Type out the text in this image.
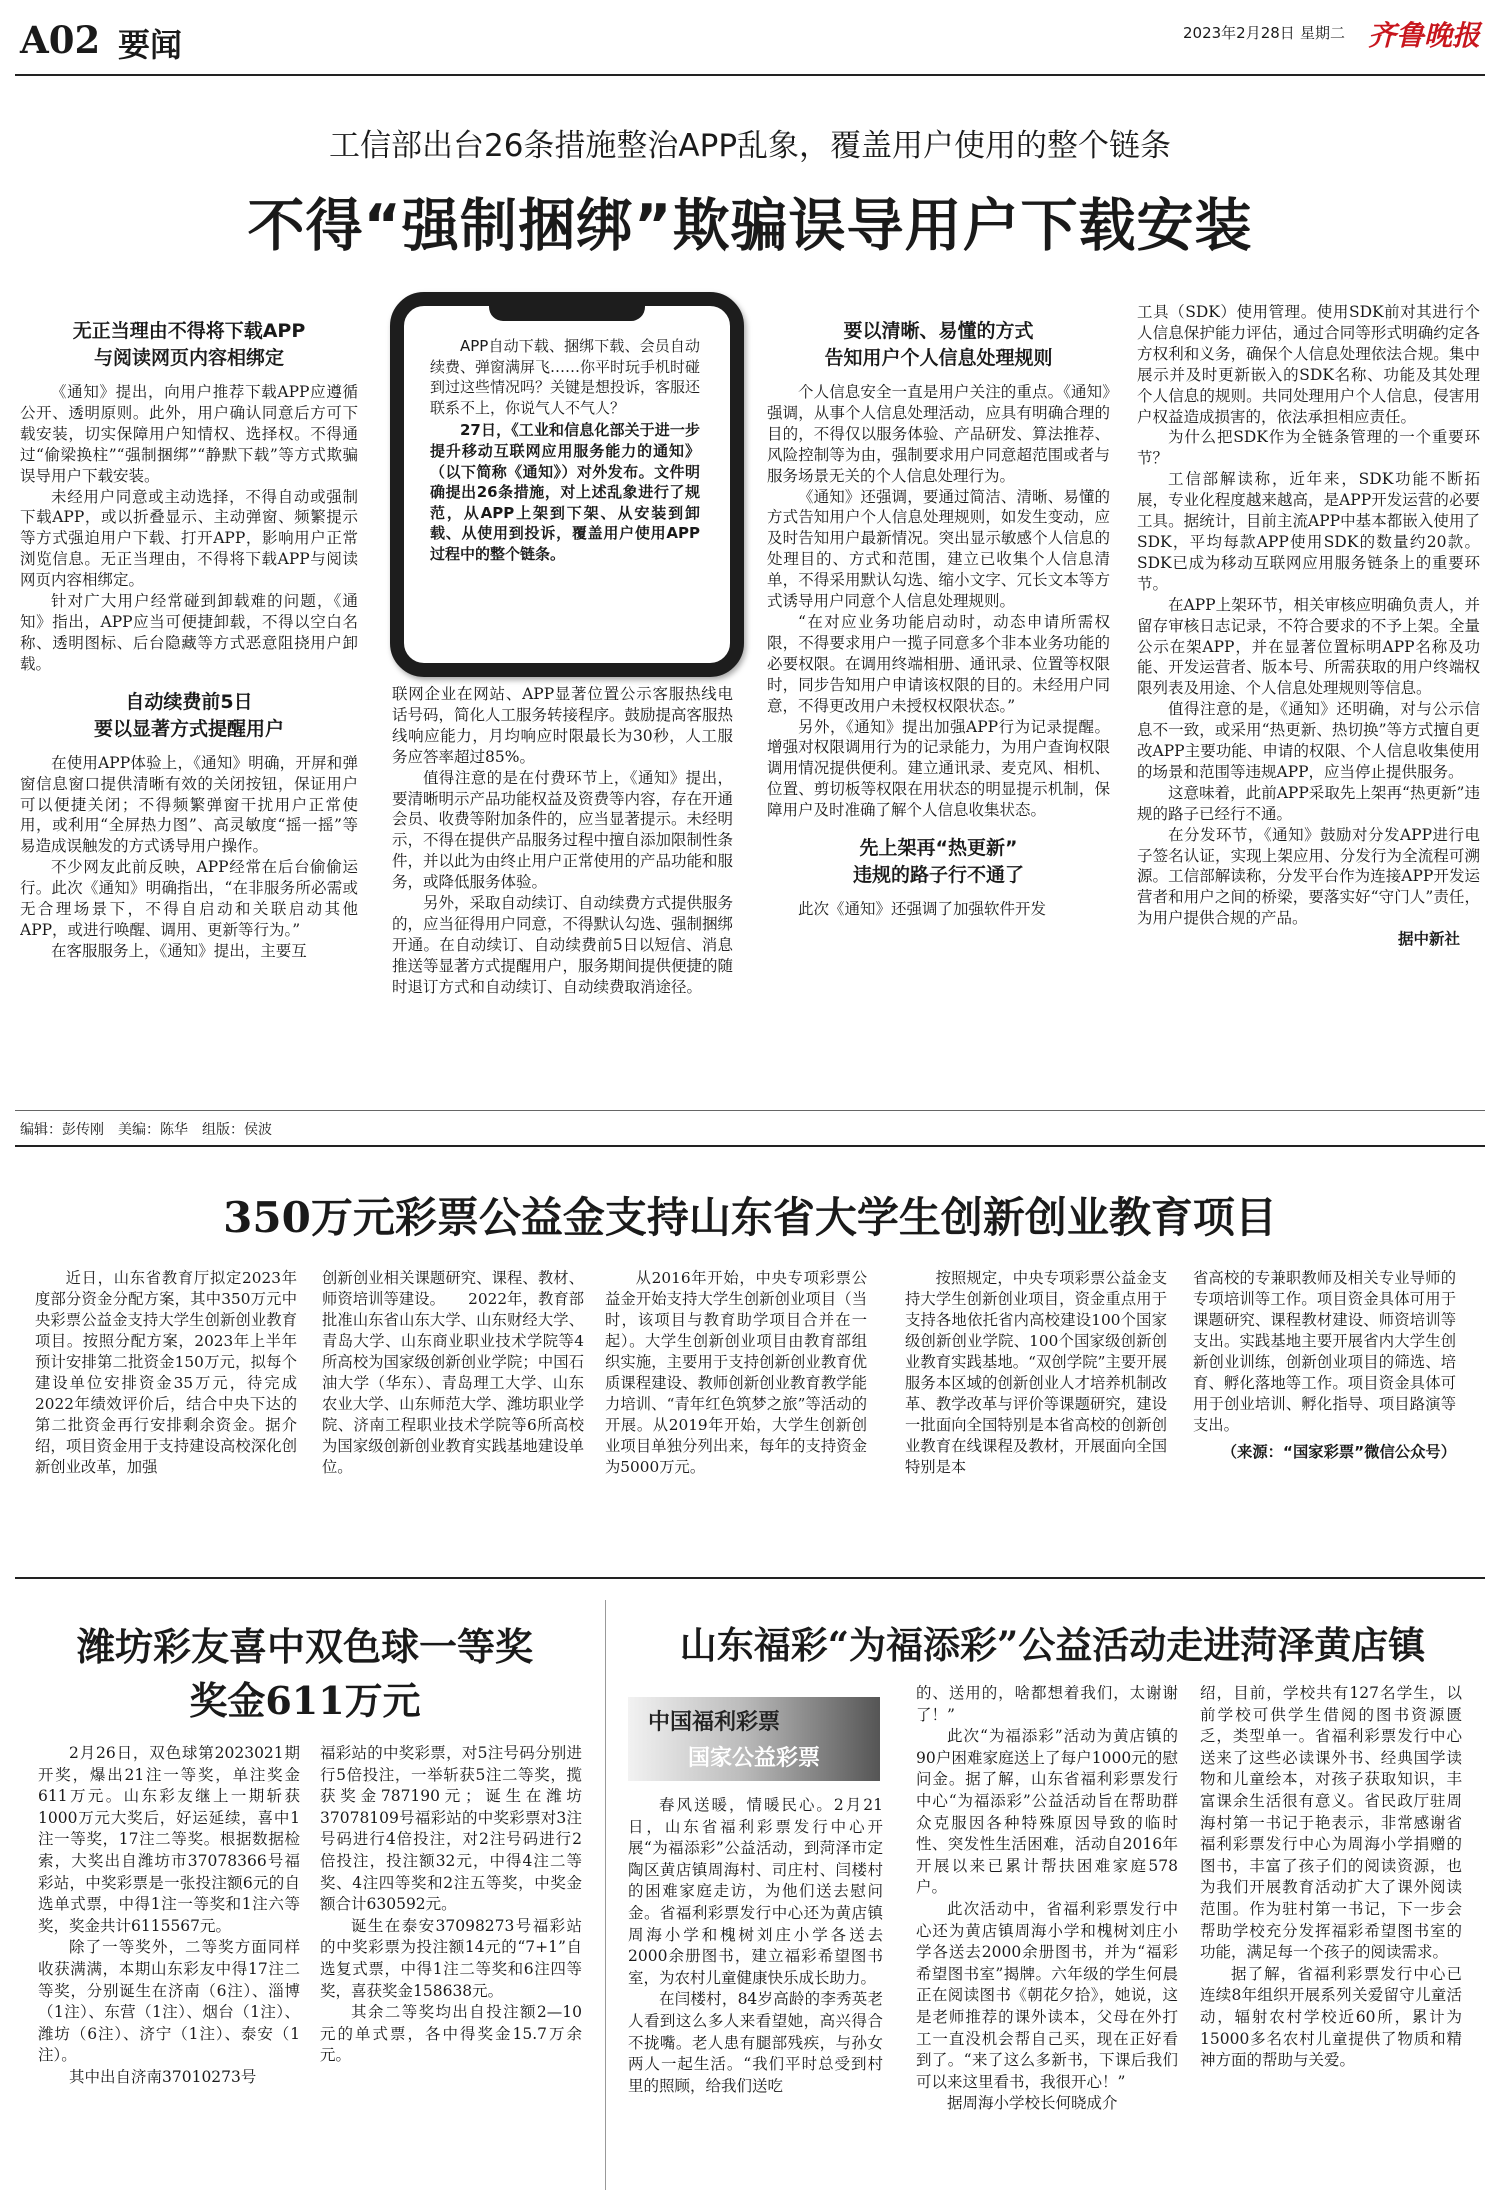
A02 要闻	2023年2月28日 星期二 齐鲁晚报
工信部出台26条措施整治APP乱象，覆盖用户使用的整个链条
不得“强制捆绑”欺骗误导用户下载安装
无正当理由不得将下载APP
与阅读网页内容相绑定

《通知》提出，向用户推荐下载APP应遵循公开、透明原则。此外，用户确认同意后方可下载安装，切实保障用户知情权、选择权。不得通过“偷梁换柱”“强制捆绑”“静默下载”等方式欺骗误导用户下载安装。

未经用户同意或主动选择，不得自动或强制下载APP，或以折叠显示、主动弹窗、频繁提示等方式强迫用户下载、打开APP，影响用户正常浏览信息。无正当理由，不得将下载APP与阅读网页内容相绑定。

针对广大用户经常碰到卸载难的问题，《通知》指出，APP应当可便捷卸载，不得以空白名称、透明图标、后台隐藏等方式恶意阻挠用户卸载。

自动续费前5日
要以显著方式提醒用户

在使用APP体验上，《通知》明确，开屏和弹窗信息窗口提供清晰有效的关闭按钮，保证用户可以便捷关闭；不得频繁弹窗干扰用户正常使用，或利用“全屏热力图”、高灵敏度“摇一摇”等易造成误触发的方式诱导用户操作。

不少网友此前反映，APP经常在后台偷偷运行。此次《通知》明确指出，“在非服务所必需或无合理场景下，不得自启动和关联启动其他APP，或进行唤醒、调用、更新等行为。”

在客服服务上，《通知》提出，主要互

APP自动下载、捆绑下载、会员自动续费、弹窗满屏飞……你平时玩手机时碰到过这些情况吗？关键是想投诉，客服还联系不上，你说气人不气人？

27日，《工业和信息化部关于进一步提升移动互联网应用服务能力的通知》（以下简称《通知》）对外发布。文件明确提出26条措施，对上述乱象进行了规范，从APP上架到下架、从安装到卸载、从使用到投诉，覆盖用户使用APP过程中的整个链条。

联网企业在网站、APP显著位置公示客服热线电话号码，简化人工服务转接程序。鼓励提高客服热线响应能力，月均响应时限最长为30秒，人工服务应答率超过85%。

值得注意的是在付费环节上，《通知》提出，要清晰明示产品功能权益及资费等内容，存在开通会员、收费等附加条件的，应当显著提示。未经明示，不得在提供产品服务过程中擅自添加限制性条件，并以此为由终止用户正常使用的产品功能和服务，或降低服务体验。

另外，采取自动续订、自动续费方式提供服务的，应当征得用户同意，不得默认勾选、强制捆绑开通。在自动续订、自动续费前5日以短信、消息推送等显著方式提醒用户，服务期间提供便捷的随时退订方式和自动续订、自动续费取消途径。

要以清晰、易懂的方式
告知用户个人信息处理规则

个人信息安全一直是用户关注的重点。《通知》强调，从事个人信息处理活动，应具有明确合理的目的，不得仅以服务体验、产品研发、算法推荐、风险控制等为由，强制要求用户同意超范围或者与服务场景无关的个人信息处理行为。

《通知》还强调，要通过简洁、清晰、易懂的方式告知用户个人信息处理规则，如发生变动，应及时告知用户最新情况。突出显示敏感个人信息的处理目的、方式和范围，建立已收集个人信息清单，不得采用默认勾选、缩小文字、冗长文本等方式诱导用户同意个人信息处理规则。

“在对应业务功能启动时，动态申请所需权限，不得要求用户一揽子同意多个非本业务功能的必要权限。在调用终端相册、通讯录、位置等权限时，同步告知用户申请该权限的目的。未经用户同意，不得更改用户未授权权限状态。”

另外，《通知》提出加强APP行为记录提醒。增强对权限调用行为的记录能力，为用户查询权限调用情况提供便利。建立通讯录、麦克风、相机、位置、剪切板等权限在用状态的明显提示机制，保障用户及时准确了解个人信息收集状态。

先上架再“热更新”
违规的路子行不通了

此次《通知》还强调了加强软件开发

工具（SDK）使用管理。使用SDK前对其进行个人信息保护能力评估，通过合同等形式明确约定各方权利和义务，确保个人信息处理依法合规。集中展示并及时更新嵌入的SDK名称、功能及其处理个人信息的规则。共同处理用户个人信息，侵害用户权益造成损害的，依法承担相应责任。

为什么把SDK作为全链条管理的一个重要环节？

工信部解读称，近年来，SDK功能不断拓展，专业化程度越来越高，是APP开发运营的必要工具。据统计，目前主流APP中基本都嵌入使用了SDK，平均每款APP使用SDK的数量约20款。SDK已成为移动互联网应用服务链条上的重要环节。

在APP上架环节，相关审核应明确负责人，并留存审核日志记录，不符合要求的不予上架。全量公示在架APP，并在显著位置标明APP名称及功能、开发运营者、版本号、所需获取的用户终端权限列表及用途、个人信息处理规则等信息。

值得注意的是，《通知》还明确，对与公示信息不一致，或采用“热更新、热切换”等方式擅自更改APP主要功能、申请的权限、个人信息收集使用的场景和范围等违规APP，应当停止提供服务。

这意味着，此前APP采取先上架再“热更新”违规的路子已经行不通。

在分发环节，《通知》鼓励对分发APP进行电子签名认证，实现上架应用、分发行为全流程可溯源。工信部解读称，分发平台作为连接APP开发运营者和用户之间的桥梁，要落实好“守门人”责任，为用户提供合规的产品。

据中新社
编辑：彭传刚　美编：陈华　组版：侯波
350万元彩票公益金支持山东省大学生创新创业教育项目

近日，山东省教育厅拟定2023年度部分资金分配方案，其中350万元中央彩票公益金支持大学生创新创业教育项目。按照分配方案，2023年上半年预计安排第二批资金150万元，拟每个建设单位安排资金35万元，待完成2022年绩效评价后，结合中央下达的第二批资金再行安排剩余资金。据介绍，项目资金用于支持建设高校深化创新创业改革，加强

创新创业相关课题研究、课程、教材、师资培训等建设。　　2022年，教育部批准山东省山东大学、山东财经大学、青岛大学、山东商业职业技术学院等4所高校为国家级创新创业学院；中国石油大学（华东）、青岛理工大学、山东农业大学、山东师范大学、潍坊职业学院、济南工程职业技术学院等6所高校为国家级创新创业教育实践基地建设单位。

从2016年开始，中央专项彩票公益金开始支持大学生创新创业项目（当时，该项目与教育助学项目合并在一起）。大学生创新创业项目由教育部组织实施，主要用于支持创新创业教育优质课程建设、教师创新创业教育教学能力培训、“青年红色筑梦之旅”等活动的开展。从2019年开始，大学生创新创业项目单独分列出来，每年的支持资金为5000万元。

按照规定，中央专项彩票公益金支持大学生创新创业项目，资金重点用于支持各地依托省内高校建设100个国家级创新创业学院、100个国家级创新创业教育实践基地。“双创学院”主要开展服务本区域的创新创业人才培养机制改革、教学改革与评价等课题研究，建设一批面向全国特别是本省高校的创新创业教育在线课程及教材，开展面向全国特别是本

省高校的专兼职教师及相关专业导师的专项培训等工作。项目资金具体可用于课题研究、课程教材建设、师资培训等支出。实践基地主要开展省内大学生创新创业训练，创新创业项目的筛选、培育、孵化落地等工作。项目资金具体可用于创业培训、孵化指导、项目路演等支出。

（来源：“国家彩票”微信公众号）
潍坊彩友喜中双色球一等奖
奖金611万元

2月26日，双色球第2023021期开奖，爆出21注一等奖，单注奖金611万元。山东彩友继上一期斩获1000万元大奖后，好运延续，喜中1注一等奖，17注二等奖。根据数据检索，大奖出自潍坊市37078366号福彩站，中奖彩票是一张投注额6元的自选单式票，中得1注一等奖和1注六等奖，奖金共计6115567元。

除了一等奖外，二等奖方面同样收获满满，本期山东彩友中得17注二等奖，分别诞生在济南（6注）、淄博（1注）、东营（1注）、烟台（1注）、潍坊（6注）、济宁（1注）、泰安（1注）。

其中出自济南37010273号

福彩站的中奖彩票，对5注号码分别进行5倍投注，一举斩获5注二等奖，揽获奖金787190元；诞生在潍坊37078109号福彩站的中奖彩票对3注号码进行4倍投注，对2注号码进行2倍投注，投注额32元，中得4注二等奖、4注四等奖和2注五等奖，中奖金额合计630592元。

诞生在泰安37098273号福彩站的中奖彩票为投注额14元的“7+1”自选复式票，中得1注二等奖和6注四等奖，喜获奖金158638元。

其余二等奖均出自投注额2—10元的单式票，各中得奖金15.7万余元。

山东福彩“为福添彩”公益活动走进菏泽黄店镇
中国福利彩票
国家公益彩票

春风送暖，情暖民心。2月21日，山东省福利彩票发行中心开展“为福添彩”公益活动，到菏泽市定陶区黄店镇周海村、司庄村、闫楼村的困难家庭走访，为他们送去慰问金。省福利彩票发行中心还为黄店镇周海小学和槐树刘庄小学各送去2000余册图书，建立福彩希望图书室，为农村儿童健康快乐成长助力。

在闫楼村，84岁高龄的李秀英老人看到这么多人来看望她，高兴得合不拢嘴。老人患有腿部残疾，与孙女两人一起生活。“我们平时总受到村里的照顾，给我们送吃

的、送用的，啥都想着我们，太谢谢了！”

此次“为福添彩”活动为黄店镇的90户困难家庭送上了每户1000元的慰问金。据了解，山东省福利彩票发行中心“为福添彩”公益活动旨在帮助群众克服因各种特殊原因导致的临时性、突发性生活困难，活动自2016年开展以来已累计帮扶困难家庭578户。

此次活动中，省福利彩票发行中心还为黄店镇周海小学和槐树刘庄小学各送去2000余册图书，并为“福彩希望图书室”揭牌。六年级的学生何晨正在阅读图书《朝花夕拾》，她说，这是老师推荐的课外读本，父母在外打工一直没机会帮自己买，现在正好看到了。“来了这么多新书，下课后我们可以来这里看书，我很开心！”

据周海小学校长何晓成介

绍，目前，学校共有127名学生，以前学校可供学生借阅的图书资源匮乏，类型单一。省福利彩票发行中心送来了这些必读课外书、经典国学读物和儿童绘本，对孩子获取知识，丰富课余生活很有意义。省民政厅驻周海村第一书记于艳表示，非常感谢省福利彩票发行中心为周海小学捐赠的图书，丰富了孩子们的阅读资源，也为我们开展教育活动扩大了课外阅读范围。作为驻村第一书记，下一步会帮助学校充分发挥福彩希望图书室的功能，满足每一个孩子的阅读需求。

据了解，省福利彩票发行中心已连续8年组织开展系列关爱留守儿童活动，辐射农村学校近60所，累计为15000多名农村儿童提供了物质和精神方面的帮助与关爱。
